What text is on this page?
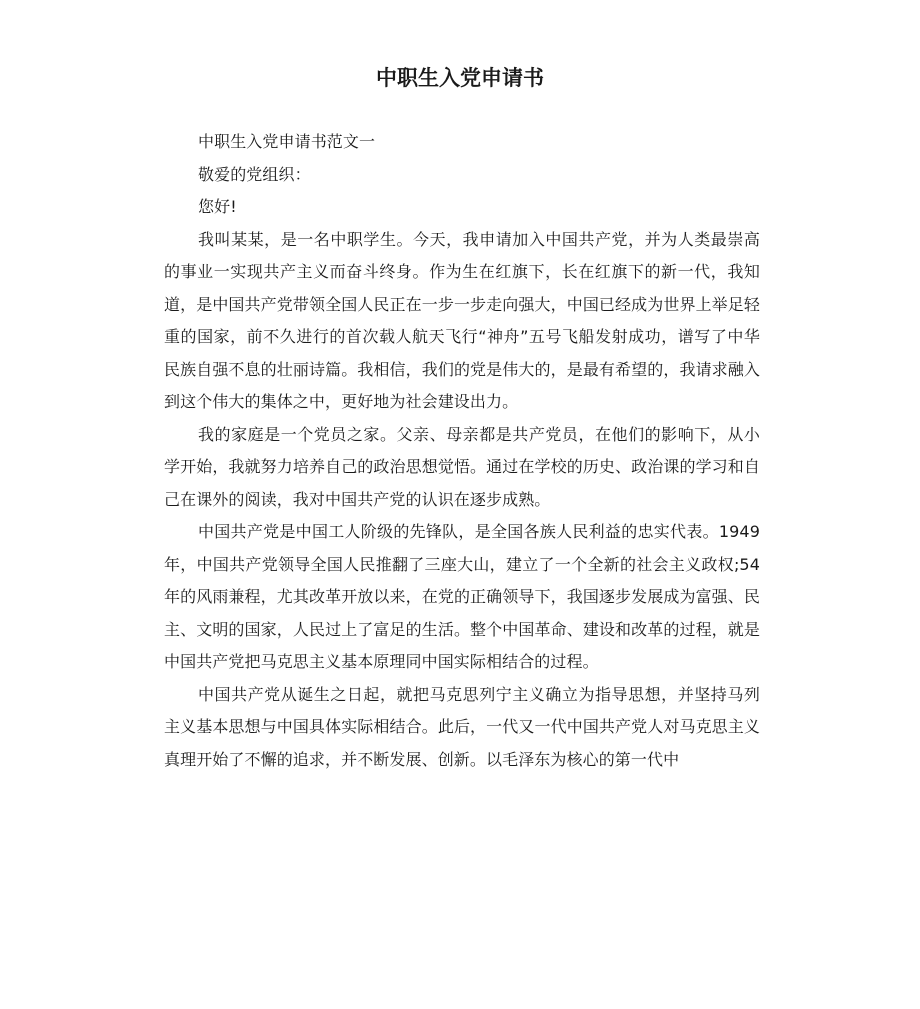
中职生入党申请书

中职生入党申请书范文一

敬爱的党组织：

您好!

我叫某某，是一名中职学生。今天，我申请加入中国共产党，并为人类最崇高的事业一实现共产主义而奋斗终身。作为生在红旗下，长在红旗下的新一代，我知道，是中国共产党带领全国人民正在一步一步走向强大，中国已经成为世界上举足轻重的国家，前不久进行的首次载人航天飞行“神舟”五号飞船发射成功，谱写了中华民族自强不息的壮丽诗篇。我相信，我们的党是伟大的，是最有希望的，我请求融入到这个伟大的集体之中，更好地为社会建设出力。

我的家庭是一个党员之家。父亲、母亲都是共产党员，在他们的影响下，从小学开始，我就努力培养自己的政治思想觉悟。通过在学校的历史、政治课的学习和自己在课外的阅读，我对中国共产党的认识在逐步成熟。

中国共产党是中国工人阶级的先锋队，是全国各族人民利益的忠实代表。1949 年，中国共产党领导全国人民推翻了三座大山，建立了一个全新的社会主义政权;54 年的风雨兼程，尤其改革开放以来，在党的正确领导下，我国逐步发展成为富强、民主、文明的国家，人民过上了富足的生活。整个中国革命、建设和改革的过程，就是中国共产党把马克思主义基本原理同中国实际相结合的过程。

中国共产党从诞生之日起，就把马克思列宁主义确立为指导思想，并坚持马列主义基本思想与中国具体实际相结合。此后，一代又一代中国共产党人对马克思主义真理开始了不懈的追求，并不断发展、创新。以毛泽东为核心的第一代中
